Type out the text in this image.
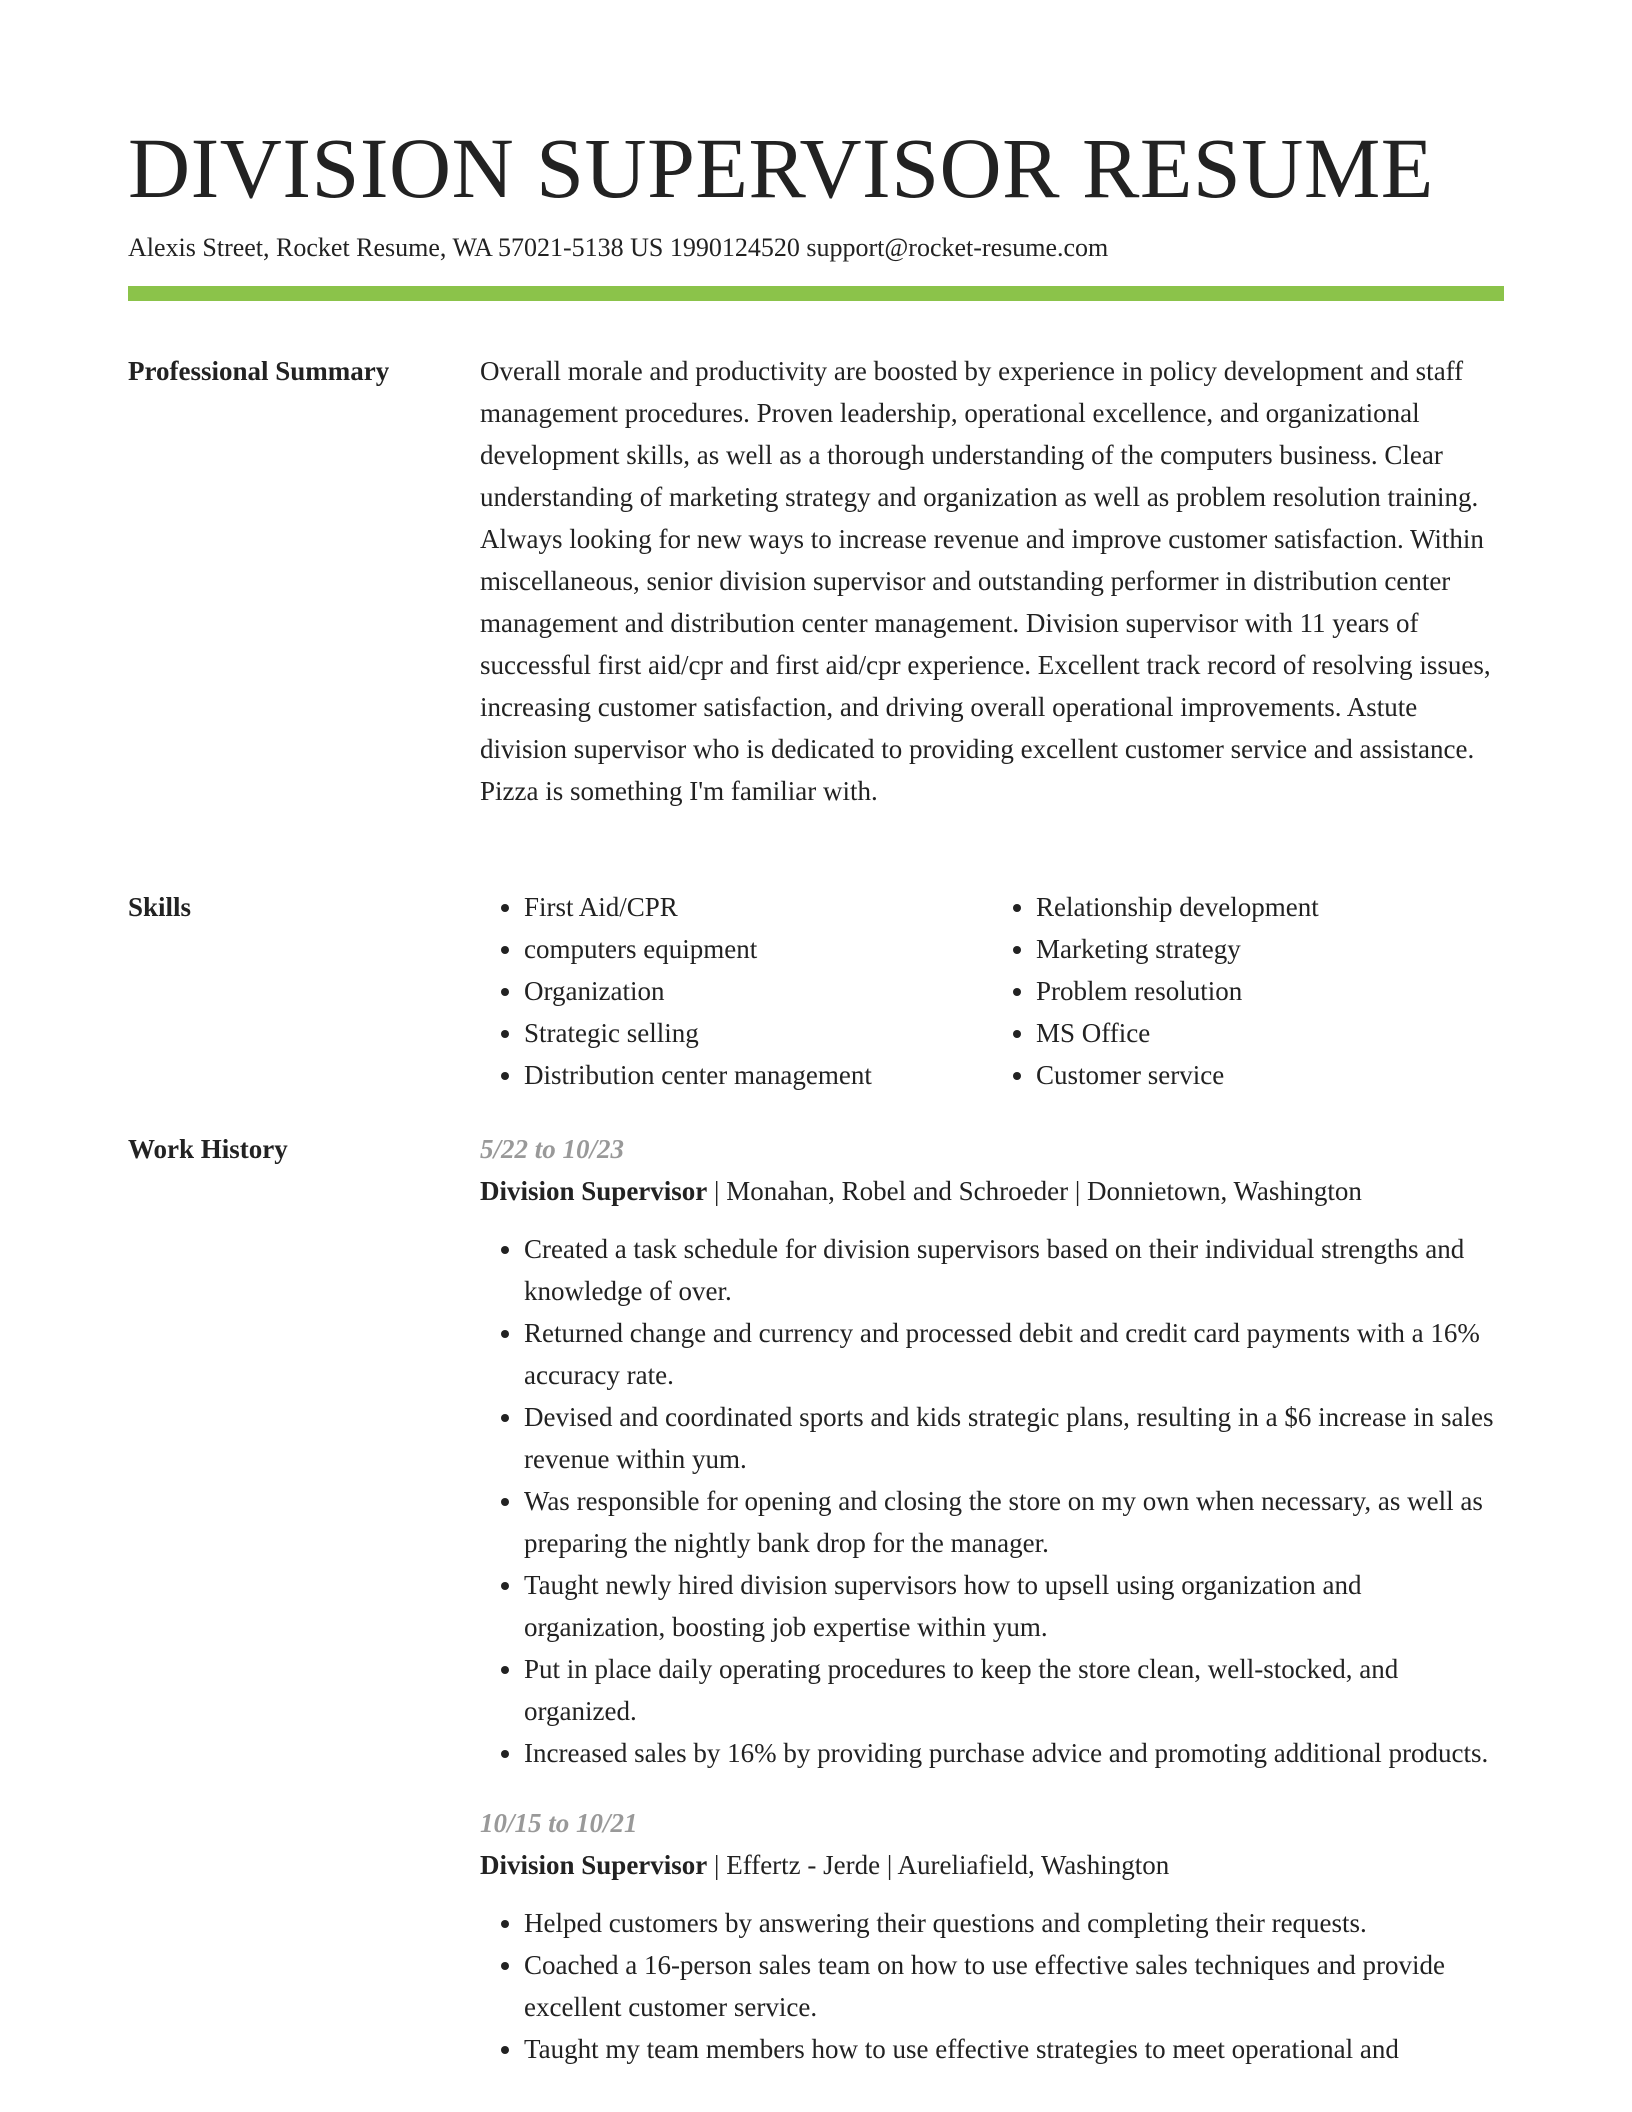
DIVISION SUPERVISOR RESUME
Alexis Street, Rocket Resume, WA 57021-5138 US 1990124520 support@rocket-resume.com
Professional Summary	Overall morale and productivity are boosted by experience in policy development and staff management procedures. Proven leadership, operational excellence, and organizational development skills, as well as a thorough understanding of the computers business. Clear understanding of marketing strategy and organization as well as problem resolution training. Always looking for new ways to increase revenue and improve customer satisfaction. Within miscellaneous, senior division supervisor and outstanding performer in distribution center management and distribution center management. Division supervisor with 11 years of successful first aid/cpr and first aid/cpr experience. Excellent track record of resolving issues, increasing customer satisfaction, and driving overall operational improvements. Astute division supervisor who is dedicated to providing excellent customer service and assistance. Pizza is something I'm familiar with.

Skills
•	First Aid/CPR
• computers equipment
• Organization
• Strategic selling
• Distribution center management
• Relationship development
• Marketing strategy
• Problem resolution
• MS Office
• Customer service
Work History	5/22 to 10/23

Division Supervisor | Monahan, Robel and Schroeder | Donnietown, Washington

• Created a task schedule for division supervisors based on their individual strengths and knowledge of over.
• Returned change and currency and processed debit and credit card payments with a 16% accuracy rate.
• Devised and coordinated sports and kids strategic plans, resulting in a $6 increase in sales revenue within yum.
• Was responsible for opening and closing the store on my own when necessary, as well as preparing the nightly bank drop for the manager.
• Taught newly hired division supervisors how to upsell using organization and organization, boosting job expertise within yum.
• Put in place daily operating procedures to keep the store clean, well-stocked, and organized.
• Increased sales by 16% by providing purchase advice and promoting additional products.

10/15 to 10/21

Division Supervisor | Effertz - Jerde | Aureliafield, Washington

• Helped customers by answering their questions and completing their requests.
• Coached a 16-person sales team on how to use effective sales techniques and provide excellent customer service.
• Taught my team members how to use effective strategies to meet operational and
